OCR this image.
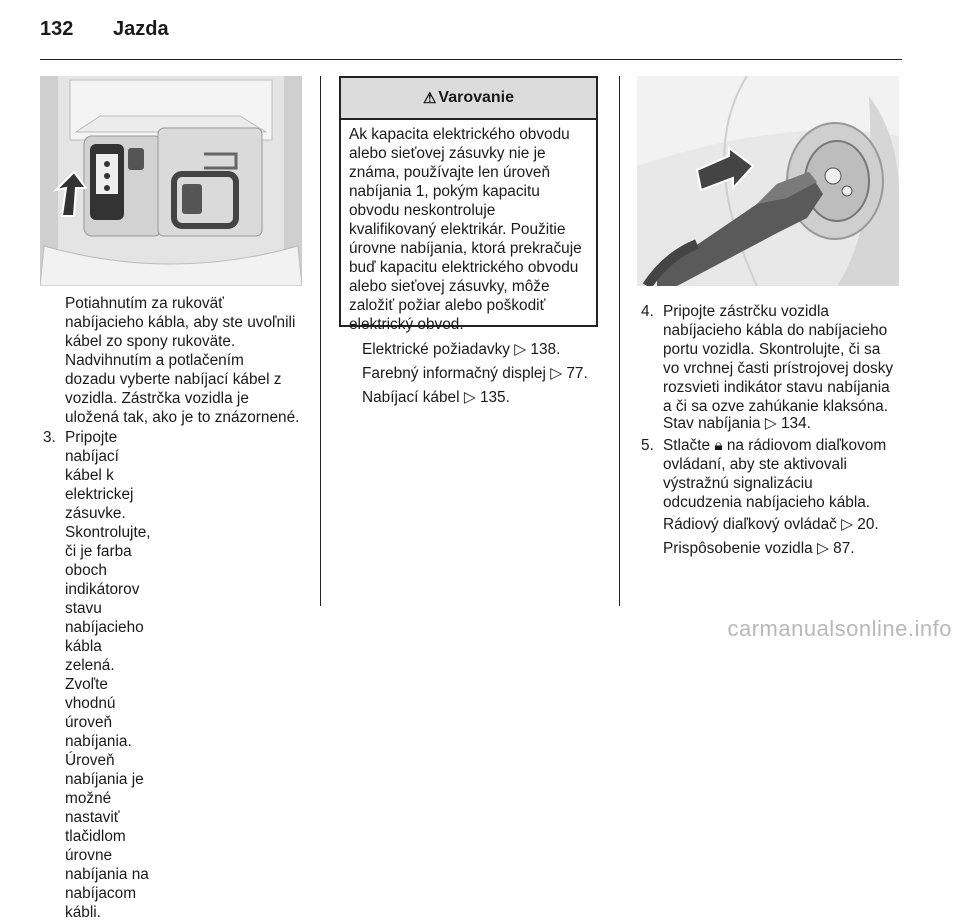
132 Jazda

Potiahnutím za rukoväť

nabíjacieho kábla, aby ste uvoľnili

kábel zo spony rukoväte.

Nadvihnutím a potlačením

dozadu vyberte nabíjací kábel z

vozidla. Zástrčka vozidla je

uložená tak, ako je to znázornené.

3. Pripojte nabíjací kábel k

elektrickej zásuvke. Skontrolujte,

či je farba oboch indikátorov stavu

nabíjacieho kábla zelená. Zvoľte

vhodnú úroveň nabíjania. Úroveň

nabíjania je možné nastaviť

tlačidlom úrovne nabíjania na

nabíjacom kábli.

⚠ Varovanie
Ak kapacita elektrického obvodu
alebo sieťovej zásuvky nie je
známa, používajte len úroveň
nabíjania 1, pokým kapacitu
obvodu neskontroluje
kvalifikovaný elektrikár. Použitie
úrovne nabíjania, ktorá prekračuje
buď kapacitu elektrického obvodu
alebo sieťovej zásuvky, môže
založiť požiar alebo poškodiť
elektrický obvod.
Elektrické požiadavky ▷ 138.
Farebný informačný displej ▷ 77.
Nabíjací kábel ▷ 135.
4. Pripojte zástrčku vozidla

nabíjacieho kábla do nabíjacieho

portu vozidla. Skontrolujte, či sa

vo vrchnej časti prístrojovej dosky

rozsvieti indikátor stavu nabíjania

a či sa ozve zahúkanie klaksóna.

Stav nabíjania ▷ 134.
5. Stlačte 🔒︎ na rádiovom diaľkovom

ovládaní, aby ste aktivovali

výstražnú signalizáciu

odcudzenia nabíjacieho kábla.

Rádiový diaľkový ovládač ▷ 20.
Prispôsobenie vozidla ▷ 87.
carmanualsonline.info
